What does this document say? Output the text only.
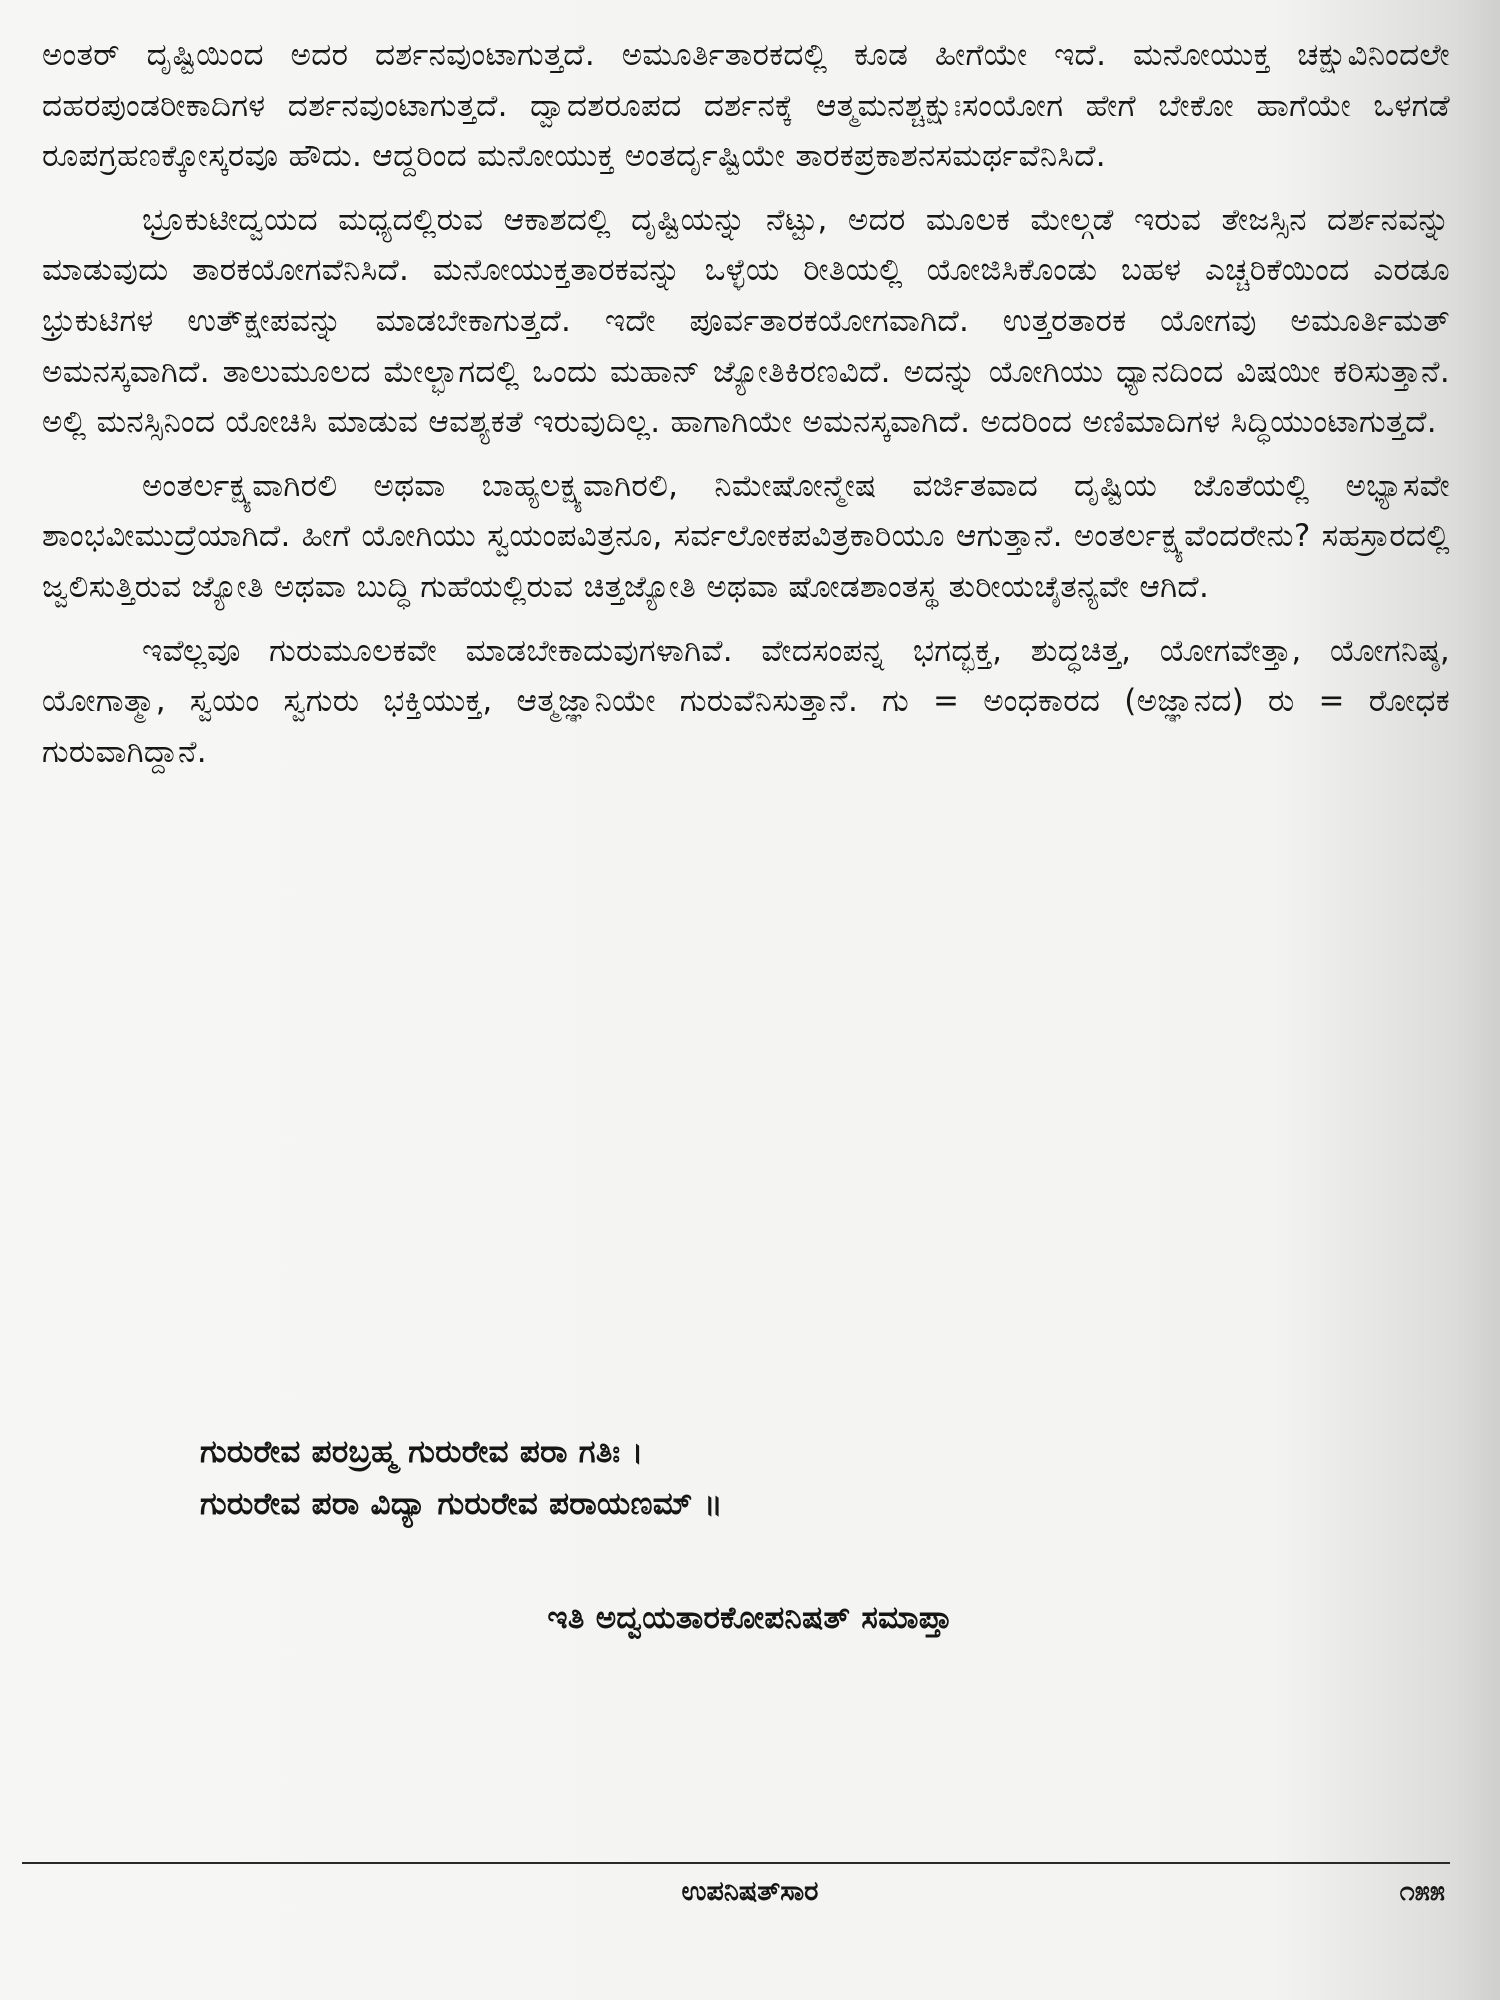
ಅಂತರ್ ದೃಷ್ಟಿಯಿಂದ ಅದರ ದರ್ಶನವುಂಟಾಗುತ್ತದೆ. ಅಮೂರ್ತಿತಾರಕದಲ್ಲಿ ಕೂಡ ಹೀಗೆಯೇ ಇದೆ. ಮನೋಯುಕ್ತ ಚಕ್ಷುವಿನಿಂದಲೇ ದಹರಪುಂಡರೀಕಾದಿಗಳ ದರ್ಶನವುಂಟಾಗುತ್ತದೆ. ದ್ವಾದಶರೂಪದ ದರ್ಶನಕ್ಕೆ ಆತ್ಮಮನಶ್ಚಕ್ಷುಃಸಂಯೋಗ ಹೇಗೆ ಬೇಕೋ ಹಾಗೆಯೇ ಒಳಗಡೆ ರೂಪಗ್ರಹಣಕ್ಕೋಸ್ಕರವೂ ಹೌದು. ಆದ್ದರಿಂದ ಮನೋಯುಕ್ತ ಅಂತರ್ದೃಷ್ಟಿಯೇ ತಾರಕಪ್ರಕಾಶನಸಮರ್ಥವೆನಿಸಿದೆ.

ಭ್ರೂಕುಟೀದ್ವಯದ ಮಧ್ಯದಲ್ಲಿರುವ ಆಕಾಶದಲ್ಲಿ ದೃಷ್ಟಿಯನ್ನು ನೆಟ್ಟು, ಅದರ ಮೂಲಕ ಮೇಲ್ಗಡೆ ಇರುವ ತೇಜಸ್ಸಿನ ದರ್ಶನವನ್ನು ಮಾಡುವುದು ತಾರಕಯೋಗವೆನಿಸಿದೆ. ಮನೋಯುಕ್ತತಾರಕವನ್ನು ಒಳ್ಳೆಯ ರೀತಿಯಲ್ಲಿ ಯೋಜಿಸಿಕೊಂಡು ಬಹಳ ಎಚ್ಚರಿಕೆಯಿಂದ ಎರಡೂ ಭ್ರುಕುಟಿಗಳ ಉತ್ಕ್ಷೇಪವನ್ನು ಮಾಡಬೇಕಾಗುತ್ತದೆ. ಇದೇ ಪೂರ್ವತಾರಕಯೋಗವಾಗಿದೆ. ಉತ್ತರತಾರಕ ಯೋಗವು ಅಮೂರ್ತಿಮತ್ ಅಮನಸ್ಕವಾಗಿದೆ. ತಾಲುಮೂಲದ ಮೇಲ್ಭಾಗದಲ್ಲಿ ಒಂದು ಮಹಾನ್ ಜ್ಯೋತಿಕಿರಣವಿದೆ. ಅದನ್ನು ಯೋಗಿಯು ಧ್ಯಾನದಿಂದ ವಿಷಯೀ ಕರಿಸುತ್ತಾನೆ. ಅಲ್ಲಿ ಮನಸ್ಸಿನಿಂದ ಯೋಚಿಸಿ ಮಾಡುವ ಆವಶ್ಯಕತೆ ಇರುವುದಿಲ್ಲ. ಹಾಗಾಗಿಯೇ ಅಮನಸ್ಕವಾಗಿದೆ. ಅದರಿಂದ ಅಣಿಮಾದಿಗಳ ಸಿದ್ಧಿಯುಂಟಾಗುತ್ತದೆ.

ಅಂತರ್ಲಕ್ಷ್ಯವಾಗಿರಲಿ ಅಥವಾ ಬಾಹ್ಯಲಕ್ಷ್ಯವಾಗಿರಲಿ, ನಿಮೇಷೋನ್ಮೇಷ ವರ್ಜಿತವಾದ ದೃಷ್ಟಿಯ ಜೊತೆಯಲ್ಲಿ ಅಭ್ಯಾಸವೇ ಶಾಂಭವೀಮುದ್ರೆಯಾಗಿದೆ. ಹೀಗೆ ಯೋಗಿಯು ಸ್ವಯಂಪವಿತ್ರನೂ, ಸರ್ವಲೋಕಪವಿತ್ರಕಾರಿಯೂ ಆಗುತ್ತಾನೆ. ಅಂತರ್ಲಕ್ಷ್ಯವೆಂದರೇನು? ಸಹಸ್ರಾರದಲ್ಲಿ ಜ್ವಲಿಸುತ್ತಿರುವ ಜ್ಯೋತಿ ಅಥವಾ ಬುದ್ಧಿ ಗುಹೆಯಲ್ಲಿರುವ ಚಿತ್ತಜ್ಯೋತಿ ಅಥವಾ ಷೋಡಶಾಂತಸ್ಥ ತುರೀಯಚೈತನ್ಯವೇ ಆಗಿದೆ.

ಇವೆಲ್ಲವೂ ಗುರುಮೂಲಕವೇ ಮಾಡಬೇಕಾದುವುಗಳಾಗಿವೆ. ವೇದಸಂಪನ್ನ ಭಗದ್ಭಕ್ತ, ಶುದ್ಧಚಿತ್ತ, ಯೋಗವೇತ್ತಾ, ಯೋಗನಿಷ್ಠ, ಯೋಗಾತ್ಮಾ, ಸ್ವಯಂ ಸ್ವಗುರು ಭಕ್ತಿಯುಕ್ತ, ಆತ್ಮಜ್ಞಾನಿಯೇ ಗುರುವೆನಿಸುತ್ತಾನೆ. ಗು = ಅಂಧಕಾರದ (ಅಜ್ಞಾನದ) ರು = ರೋಧಕ ಗುರುವಾಗಿದ್ದಾನೆ.

ಗುರುರೇವ ಪರಬ್ರಹ್ಮ ಗುರುರೇವ ಪರಾ ಗತಿಃ ।
ಗುರುರೇವ ಪರಾ ವಿದ್ಯಾ ಗುರುರೇವ ಪರಾಯಣಮ್ ॥
ಇತಿ ಅದ್ವಯತಾರಕೋಪನಿಷತ್ ಸಮಾಪ್ತಾ
ಉಪನಿಷತ್‌ಸಾರ	೧೫೫
